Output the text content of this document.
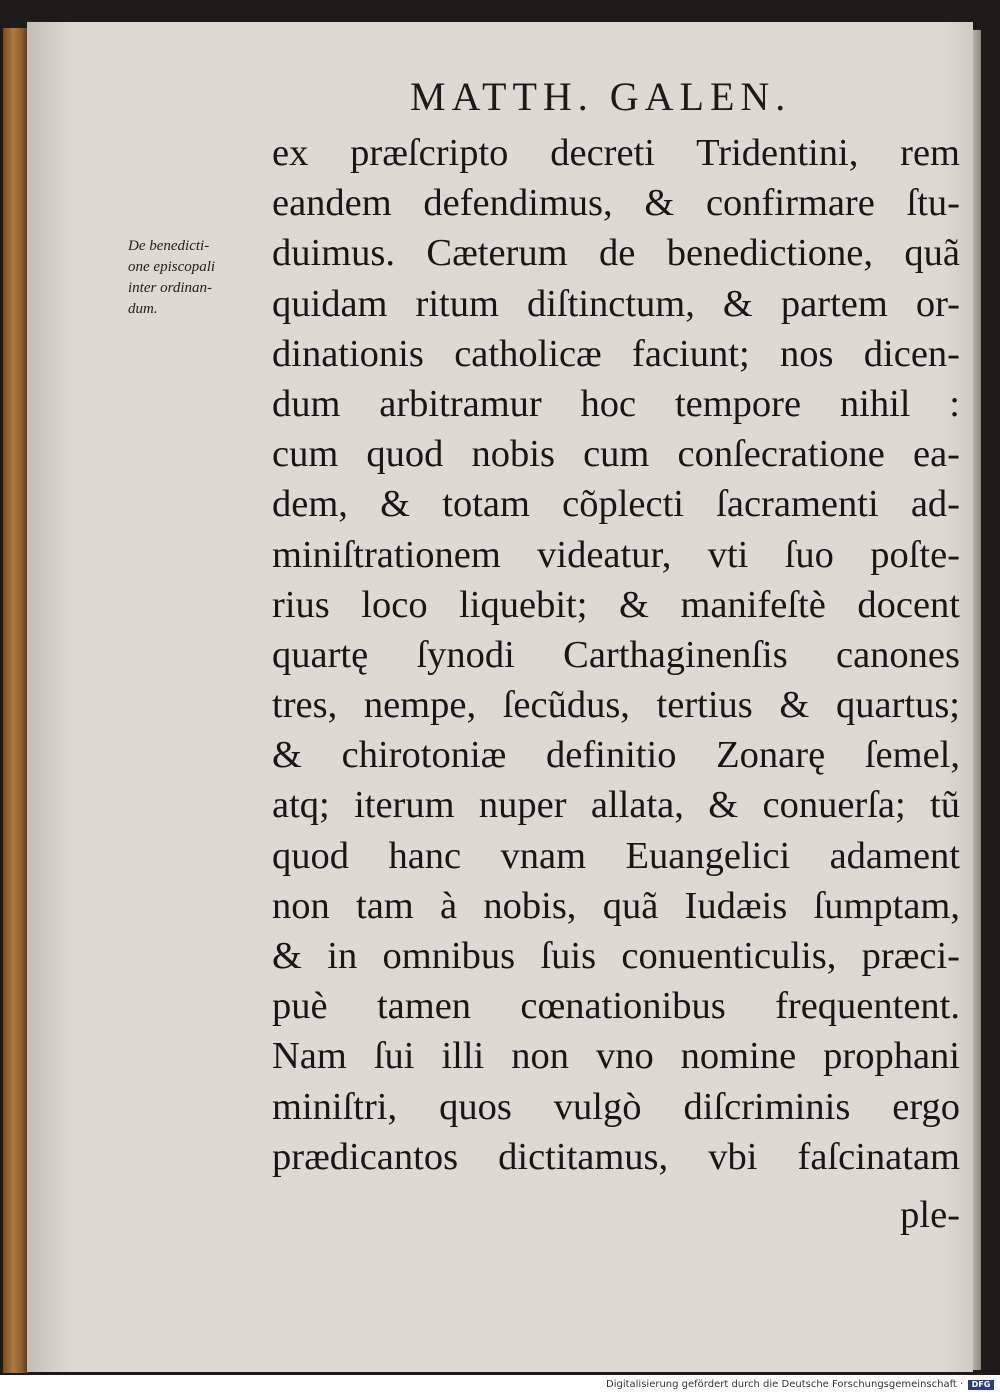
MATTH. GALEN.
De benedicti-
one episcopali
inter ordinan-
dum.
ex præſcripto decreti Tridentini, rem
eandem defendimus, & confirmare ſtu-
duimus. Cæterum de benedictione, quã
quidam ritum diſtinctum, & partem or-
dinationis catholicæ faciunt; nos dicen-
dum arbitramur hoc tempore nihil :
cum quod nobis cum conſecratione ea-
dem, & totam cõplecti ſacramenti ad-
miniſtrationem videatur, vti ſuo poſte-
rius loco liquebit; & manifeſtè docent
quartę ſynodi Carthaginenſis canones
tres, nempe, ſecũdus, tertius & quartus;
& chirotoniæ definitio Zonarę ſemel,
atq; iterum nuper allata, & conuerſa; tũ
quod hanc vnam Euangelici adament
non tam à nobis, quã Iudæis ſumptam,
& in omnibus ſuis conuenticulis, præci-
puè tamen cœnationibus frequentent.
Nam ſui illi non vno nomine prophani
miniſtri, quos vulgò diſcriminis ergo
prædicantos dictitamus, vbi faſcinatam
ple-
Digitalisierung gefördert durch die Deutsche Forschungsgemeinschaft ·	DFG
